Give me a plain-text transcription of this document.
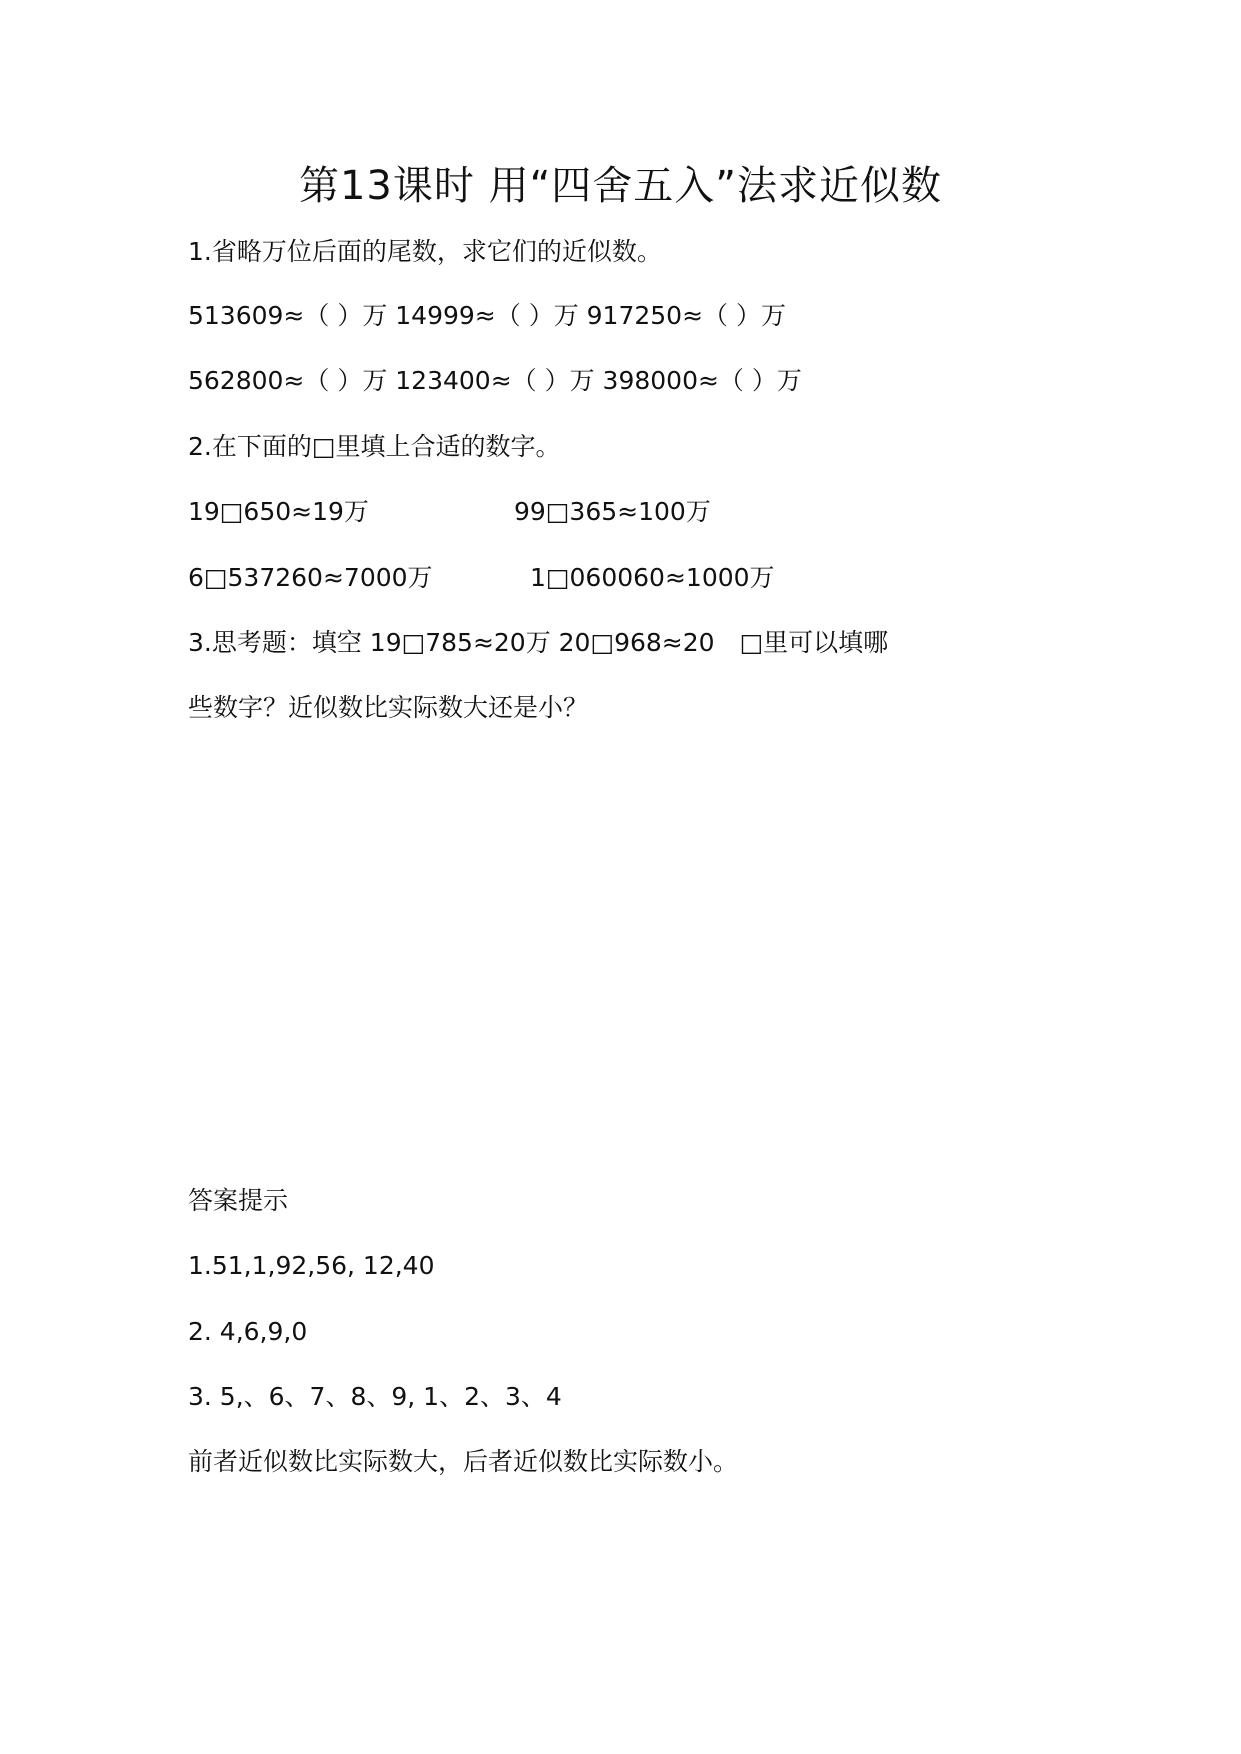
第13课时 用“四舍五入”法求近似数
1.省略万位后面的尾数，求它们的近似数。
513609≈（ ）万 14999≈（ ）万 917250≈（ ）万
562800≈（ ）万 123400≈（ ）万 398000≈（ ）万
2.在下面的□里填上合适的数字。
19□650≈19万	99□365≈100万
6□537260≈7000万	1□060060≈1000万
3.思考题：填空 19□785≈20万 20□968≈20　□里可以填哪
些数字？近似数比实际数大还是小？
答案提示
1.51,1,92,56, 12,40
2. 4,6,9,0
3. 5,、6、7、8、9, 1、2、3、4
前者近似数比实际数大，后者近似数比实际数小。
